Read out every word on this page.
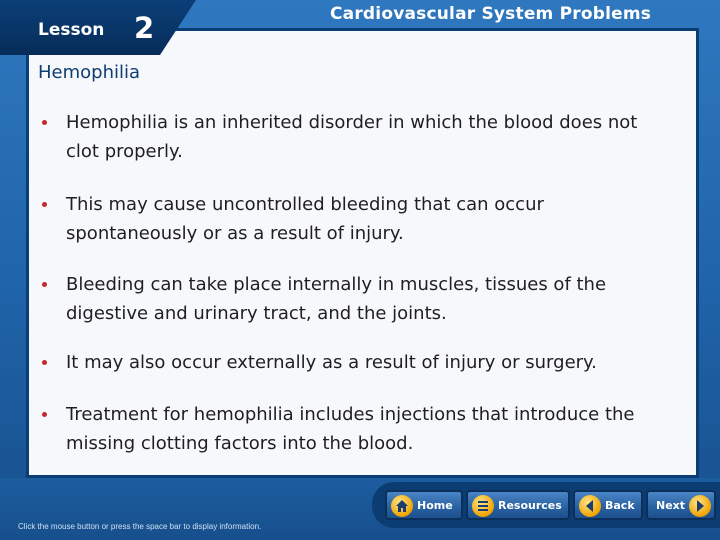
Lesson 2	Cardiovascular System Problems
Hemophilia
Hemophilia is an inherited disorder in which the blood does not clot properly.
This may cause uncontrolled bleeding that can occur spontaneously or as a result of injury.
Bleeding can take place internally in muscles, tissues of the digestive and urinary tract, and the joints.
It may also occur externally as a result of injury or surgery.
Treatment for hemophilia includes injections that introduce the missing clotting factors into the blood.
Click the mouse button or press the space bar to display information.
Home	Resources	Back Next
